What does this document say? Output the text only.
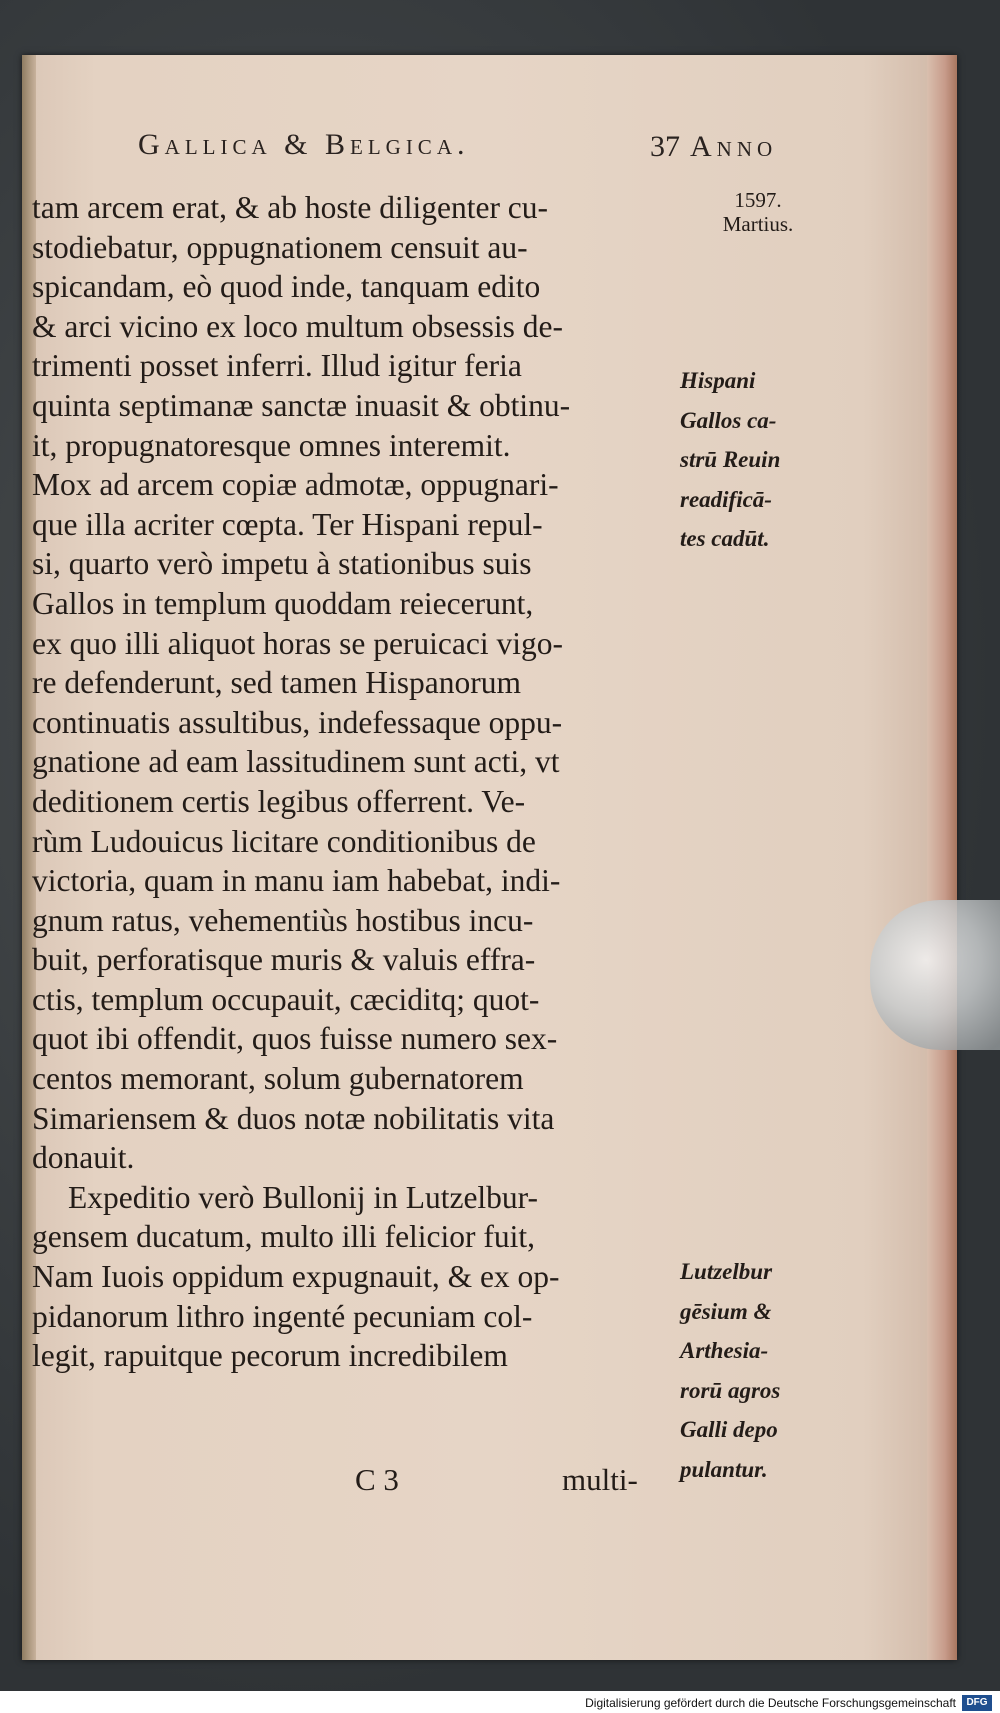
Gallica & Belgica.	37 Anno
1597.
Martius.
tam arcem erat, & ab hoste diligenter cu-
stodiebatur, oppugnationem censuit au-
spicandam, eò quod inde, tanquam edito
& arci vicino ex loco multum obsessis de-
trimenti posset inferri. Illud igitur feria
quinta septimanæ sanctæ inuasit & obtinu-
it, propugnatoresque omnes interemit.
Mox ad arcem copiæ admotæ, oppugnari-
que illa acriter cœpta. Ter Hispani repul-
si, quarto verò impetu à stationibus suis
Gallos in templum quoddam reiecerunt,
ex quo illi aliquot horas se peruicaci vigo-
re defenderunt, sed tamen Hispanorum
continuatis assultibus, indefessaque oppu-
gnatione ad eam lassitudinem sunt acti, vt
deditionem certis legibus offerrent. Ve-
rùm Ludouicus licitare conditionibus de
victoria, quam in manu iam habebat, indi-
gnum ratus, vehementiùs hostibus incu-
buit, perforatisque muris & valuis effra-
ctis, templum occupauit, cæciditq; quot-
quot ibi offendit, quos fuisse numero sex-
centos memorant, solum gubernatorem
Simariensem & duos notæ nobilitatis vita
donauit.
Expeditio verò Bullonij in Lutzelbur-
gensem ducatum, multo illi felicior fuit,
Nam Iuois oppidum expugnauit, & ex op-
pidanorum lithro ingenté pecuniam col-
legit, rapuitque pecorum incredibilem
C 3	multi-
Hispani
Gallos ca-
strū Reuin
readificā-
tes cadūt.
Lutzelbur
gēsium &
Arthesia-
rorū agros
Galli depo
pulantur.
Digitalisierung gefördert durch die Deutsche Forschungsgemeinschaft	DFG
